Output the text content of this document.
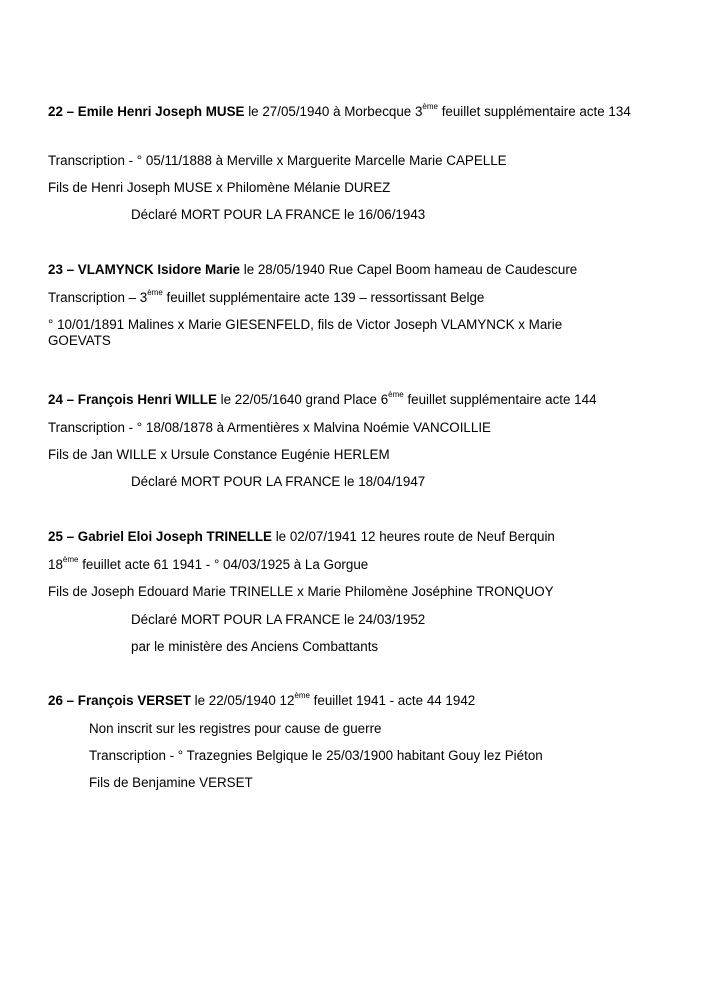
22 – Emile Henri Joseph MUSE le 27/05/1940 à Morbecque 3ème feuillet supplémentaire acte 134
Transcription - ° 05/11/1888 à Merville x Marguerite Marcelle Marie CAPELLE
Fils de Henri Joseph MUSE x Philomène Mélanie DUREZ
Déclaré MORT POUR LA FRANCE le 16/06/1943
23 – VLAMYNCK Isidore Marie le 28/05/1940 Rue Capel Boom hameau de Caudescure
Transcription – 3ème feuillet supplémentaire acte 139 – ressortissant Belge
° 10/01/1891 Malines x Marie GIESENFELD, fils de Victor Joseph VLAMYNCK x Marie GOEVATS
24 – François Henri WILLE le 22/05/1640 grand Place 6ème feuillet supplémentaire acte 144
Transcription - ° 18/08/1878 à Armentières x Malvina Noémie VANCOILLIE
Fils de Jan WILLE x Ursule Constance Eugénie HERLEM
Déclaré MORT POUR LA FRANCE le 18/04/1947
25 – Gabriel Eloi Joseph TRINELLE le 02/07/1941 12 heures route de Neuf Berquin
18ème feuillet acte 61 1941 - ° 04/03/1925 à La Gorgue
Fils de Joseph Edouard Marie TRINELLE x Marie Philomène Joséphine TRONQUOY
Déclaré MORT POUR LA FRANCE le 24/03/1952
par le ministère des Anciens Combattants
26 – François VERSET le 22/05/1940 12ème feuillet 1941 - acte 44 1942
Non inscrit sur les registres pour cause de guerre
Transcription - ° Trazegnies Belgique le 25/03/1900 habitant Gouy lez Piéton
Fils de Benjamine VERSET
